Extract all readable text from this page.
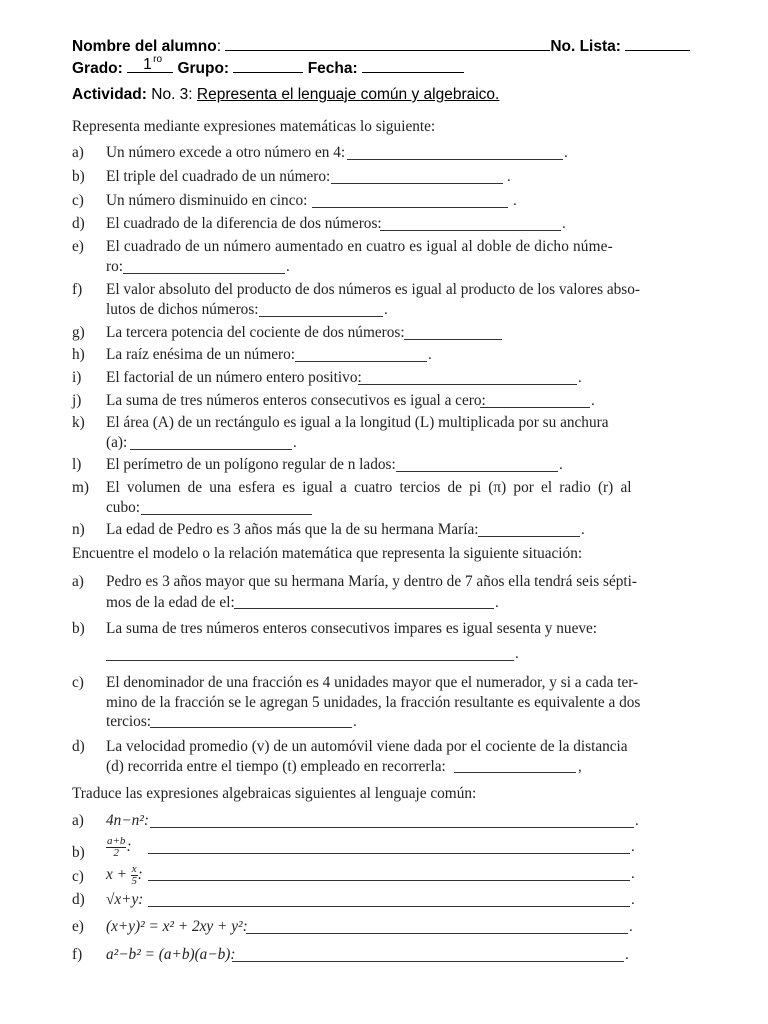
Nombre del alumno:	No. Lista:
Grado: 1 ro
Grupo:	Fecha:
Actividad: No. 3: Representa el lenguaje común y algebraico.
Representa mediante expresiones matemáticas lo siguiente:
a)	Un número excede a otro número en 4:	.
b)	El triple del cuadrado de un número:	.
c)	Un número disminuido en cinco:	.
d)	El cuadrado de la diferencia de dos números:	.
e)	El cuadrado de un número aumentado en cuatro es igual al doble de dicho núme-
ro:	.
f)	El valor absoluto del producto de dos números es igual al producto de los valores abso-
lutos de dichos números:	.
g)	La tercera potencia del cociente de dos números:
h)	La raíz enésima de un número:	.
i)	El factorial de un número entero positivo:	.
j)	La suma de tres números enteros consecutivos es igual a cero:	.
k)	El área (A) de un rectángulo es igual a la longitud (L) multiplicada por su anchura
(a):	.
l)	El perímetro de un polígono regular de n lados:	.
m)	El volumen de una esfera es igual a cuatro tercios de pi (π) por el radio (r) al
cubo:
n)	La edad de Pedro es 3 años más que la de su hermana María:	.
Encuentre el modelo o la relación matemática que representa la siguiente situación:
a)	Pedro es 3 años mayor que su hermana María, y dentro de 7 años ella tendrá seis sépti-
mos de la edad de el:	.
b)	La suma de tres números enteros consecutivos impares es igual sesenta y nueve:
.
c)	El denominador de una fracción es 4 unidades mayor que el numerador, y si a cada ter-
mino de la fracción se le agregan 5 unidades, la fracción resultante es equivalente a dos
tercios:	.
d)	La velocidad promedio (v) de un automóvil viene dada por el cociente de la distancia
(d) recorrida entre el tiempo (t) empleado en recorrerla:	,
Traduce las expresiones algebraicas siguientes al lenguaje común:
a)	4n−n²:	.
b)	$\frac{a+b}{2}$ :	.
c)	$x + \frac{x}{5}$ :	.
d)	√x+y:	.
e)	(x+y)² = x² + 2xy + y²:	.
f)	a²−b² = (a+b)(a−b):	.
